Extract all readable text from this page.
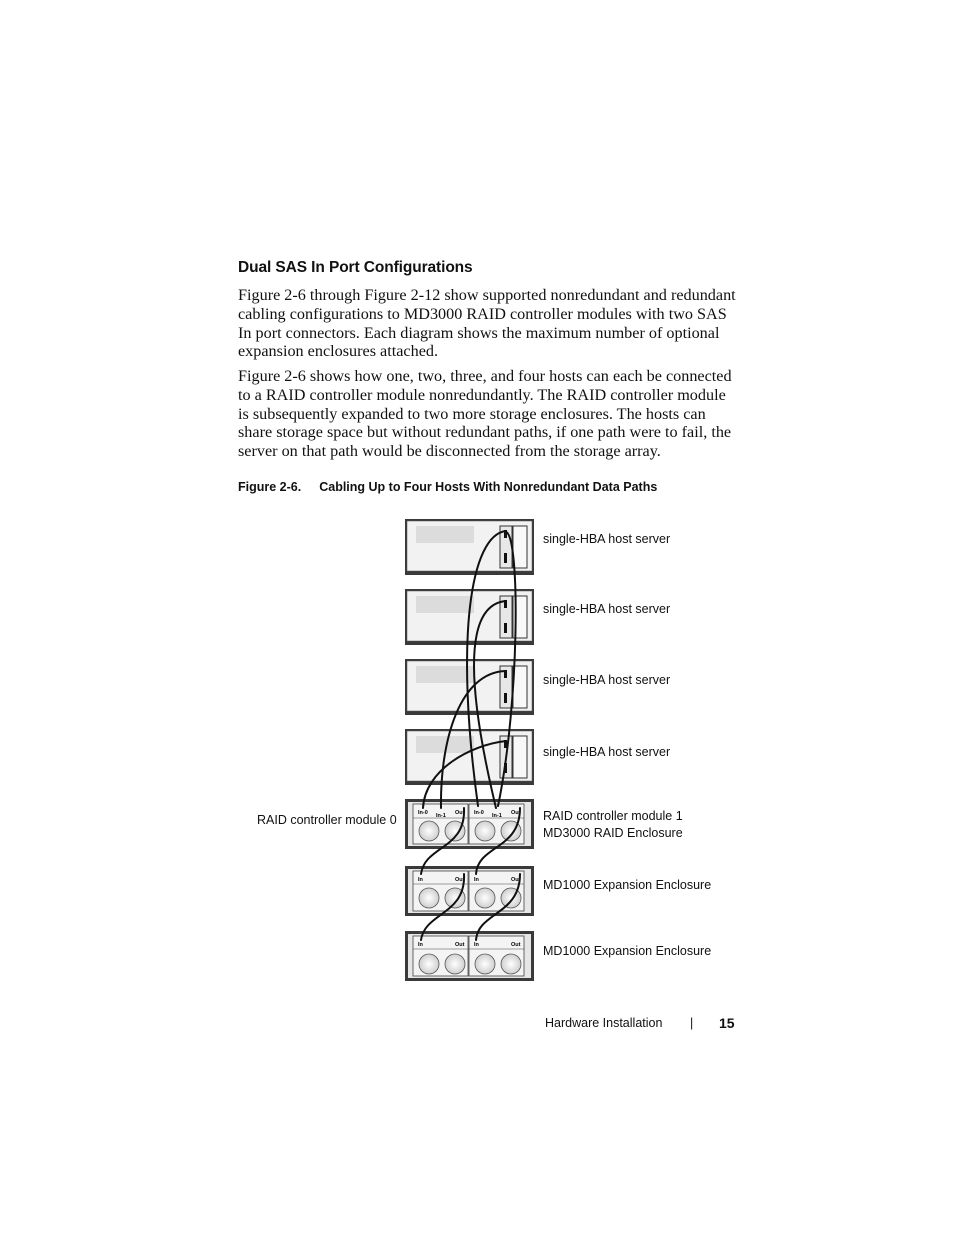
Dual SAS In Port Configurations

Figure 2-6 through Figure 2-12 show supported nonredundant and redundant cabling configurations to MD3000 RAID controller modules with two SAS In port connectors. Each diagram shows the maximum number of optional expansion enclosures attached.

Figure 2-6 shows how one, two, three, and four hosts can each be connected to a RAID controller module nonredundantly. The RAID controller module is subsequently expanded to two more storage enclosures. The hosts can share storage space but without redundant paths, if one path were to fail, the server on that path would be disconnected from the storage array.

Figure 2-6. Cabling Up to Four Hosts With Nonredundant Data Paths
In-0 In-1 Out In-0 In-1 Out
In	Out In	Out
In	Out In	Out
single-HBA host server
single-HBA host server
single-HBA host server
single-HBA host server
RAID controller module 0	RAID controller module 1
MD3000 RAID Enclosure
MD1000 Expansion Enclosure
MD1000 Expansion Enclosure
Hardware Installation | 15
